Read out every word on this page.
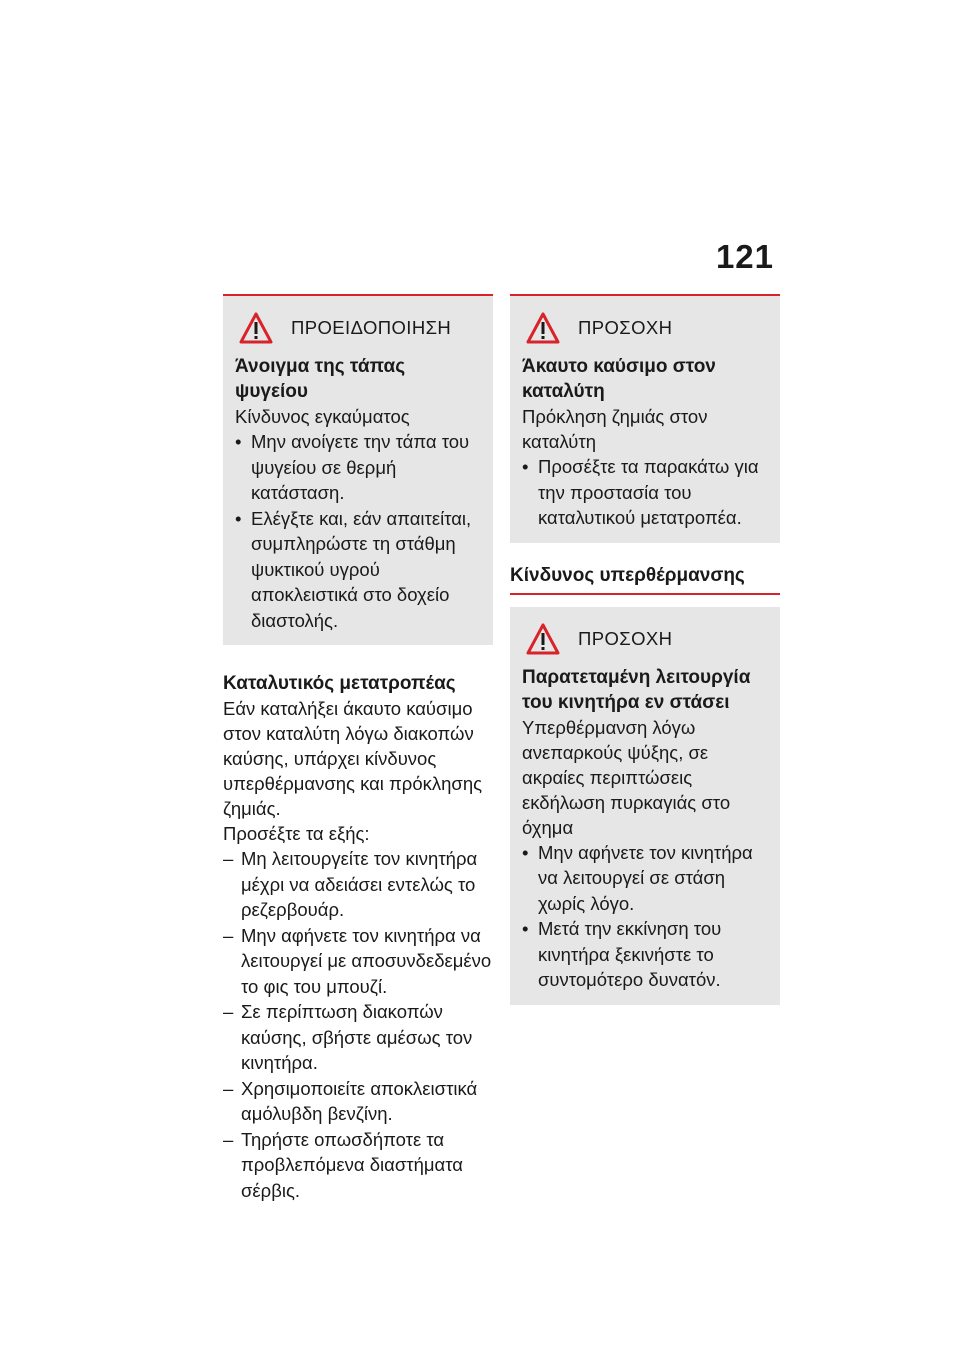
121
ΠΡΟΕΙΔΟΠΟΙΗΣΗ
Άνοιγμα της τάπας ψυγείου
Κίνδυνος εγκαύματος
• Μην ανοίγετε την τάπα του ψυγείου σε θερμή κατάσταση.
• Ελέγξτε και, εάν απαιτείται, συμπληρώστε τη στάθμη ψυκτικού υγρού αποκλειστικά στο δοχείο διαστολής.
Καταλυτικός μετατροπέας
Εάν καταλήξει άκαυτο καύσιμο στον καταλύτη λόγω διακοπών καύσης, υπάρχει κίνδυνος υπερθέρμανσης και πρόκλησης ζημιάς.
Προσέξτε τα εξής:
– Μη λειτουργείτε τον κινητήρα μέχρι να αδειάσει εντελώς το ρεζερβουάρ.
– Μην αφήνετε τον κινητήρα να λειτουργεί με αποσυνδεδεμένο το φις του μπουζί.
– Σε περίπτωση διακοπών καύσης, σβήστε αμέσως τον κινητήρα.
– Χρησιμοποιείτε αποκλειστικά αμόλυβδη βενζίνη.
– Τηρήστε οπωσδήποτε τα προβλεπόμενα διαστήματα σέρβις.
ΠΡΟΣΟΧΗ
Άκαυτο καύσιμο στον καταλύτη
Πρόκληση ζημιάς στον καταλύτη
• Προσέξτε τα παρακάτω για την προστασία του καταλυτικού μετατροπέα.
Κίνδυνος υπερθέρμανσης
ΠΡΟΣΟΧΗ
Παρατεταμένη λειτουργία του κινητήρα εν στάσει
Υπερθέρμανση λόγω ανεπαρκούς ψύξης, σε ακραίες περιπτώσεις εκδήλωση πυρκαγιάς στο όχημα
• Μην αφήνετε τον κινητήρα να λειτουργεί σε στάση χωρίς λόγο.
• Μετά την εκκίνηση του κινητήρα ξεκινήστε το συντομότερο δυνατόν.
